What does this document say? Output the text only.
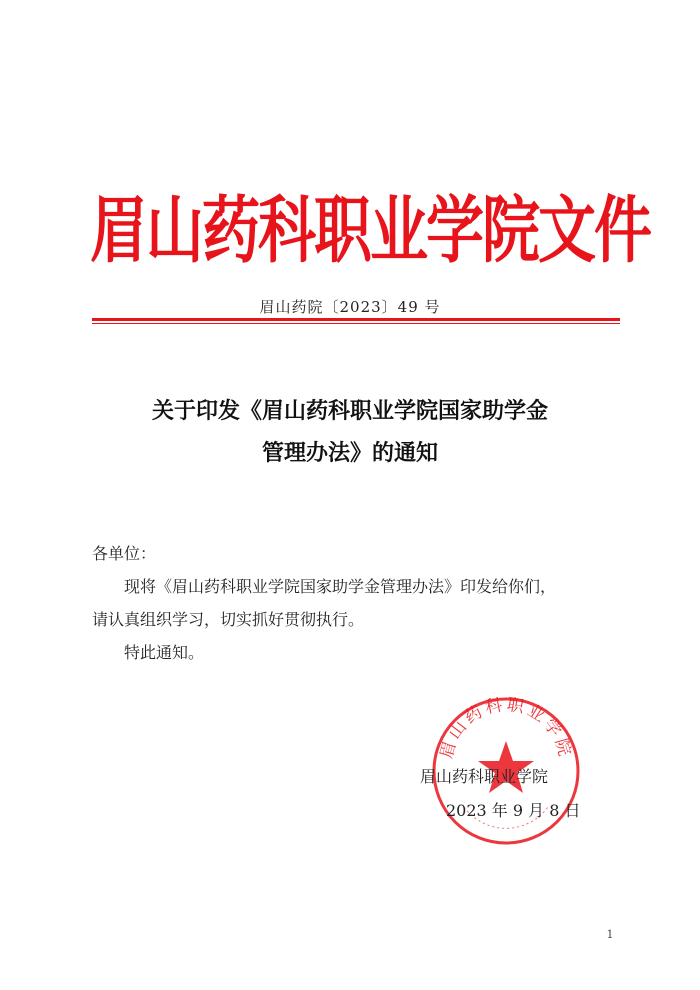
眉山药科职业学院文件
眉山药院〔2023〕49 号
关于印发《眉山药科职业学院国家助学金
管理办法》的通知

各单位：

现将《眉山药科职业学院国家助学金管理办法》印发给你们，

请认真组织学习，切实抓好贯彻执行。

特此通知。

眉山药科职业学院
眉山药科职业学院
2023 年 9 月 8 日
1
